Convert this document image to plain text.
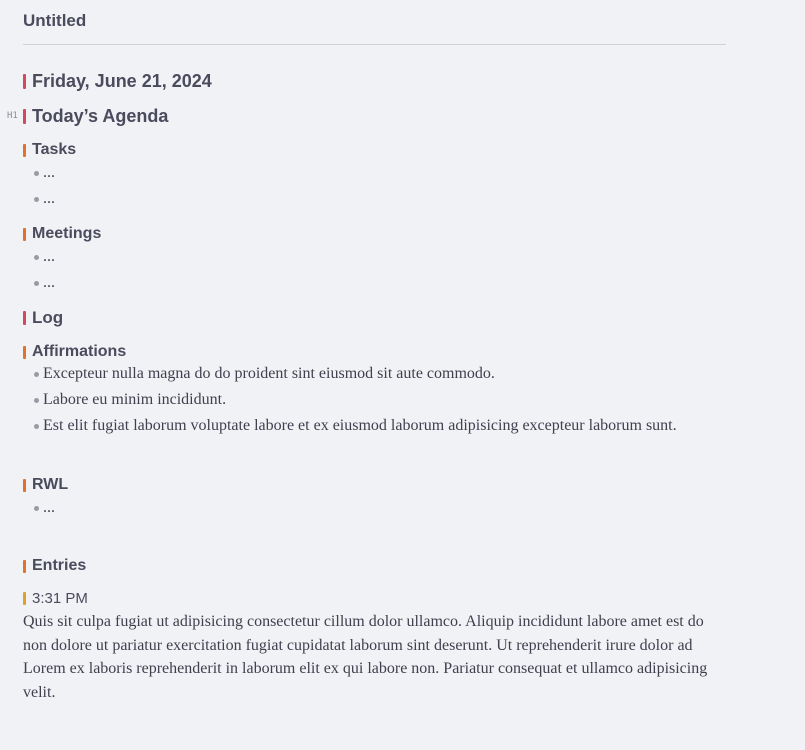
Untitled
Friday, June 21, 2024
H1 Today’s Agenda
Tasks
...
...
Meetings
...
...
Log
Affirmations
Excepteur nulla magna do do proident sint eiusmod sit aute commodo.
Labore eu minim incididunt.
Est elit fugiat laborum voluptate labore et ex eiusmod laborum adipisicing excepteur laborum sunt.
RWL
...
Entries
3:31 PM
Quis sit culpa fugiat ut adipisicing consectetur cillum dolor ullamco. Aliquip incididunt labore amet est do non dolore ut pariatur exercitation fugiat cupidatat laborum sint deserunt. Ut reprehenderit irure dolor ad Lorem ex laboris reprehenderit in laborum elit ex qui labore non. Pariatur consequat et ullamco adipisicing velit.
